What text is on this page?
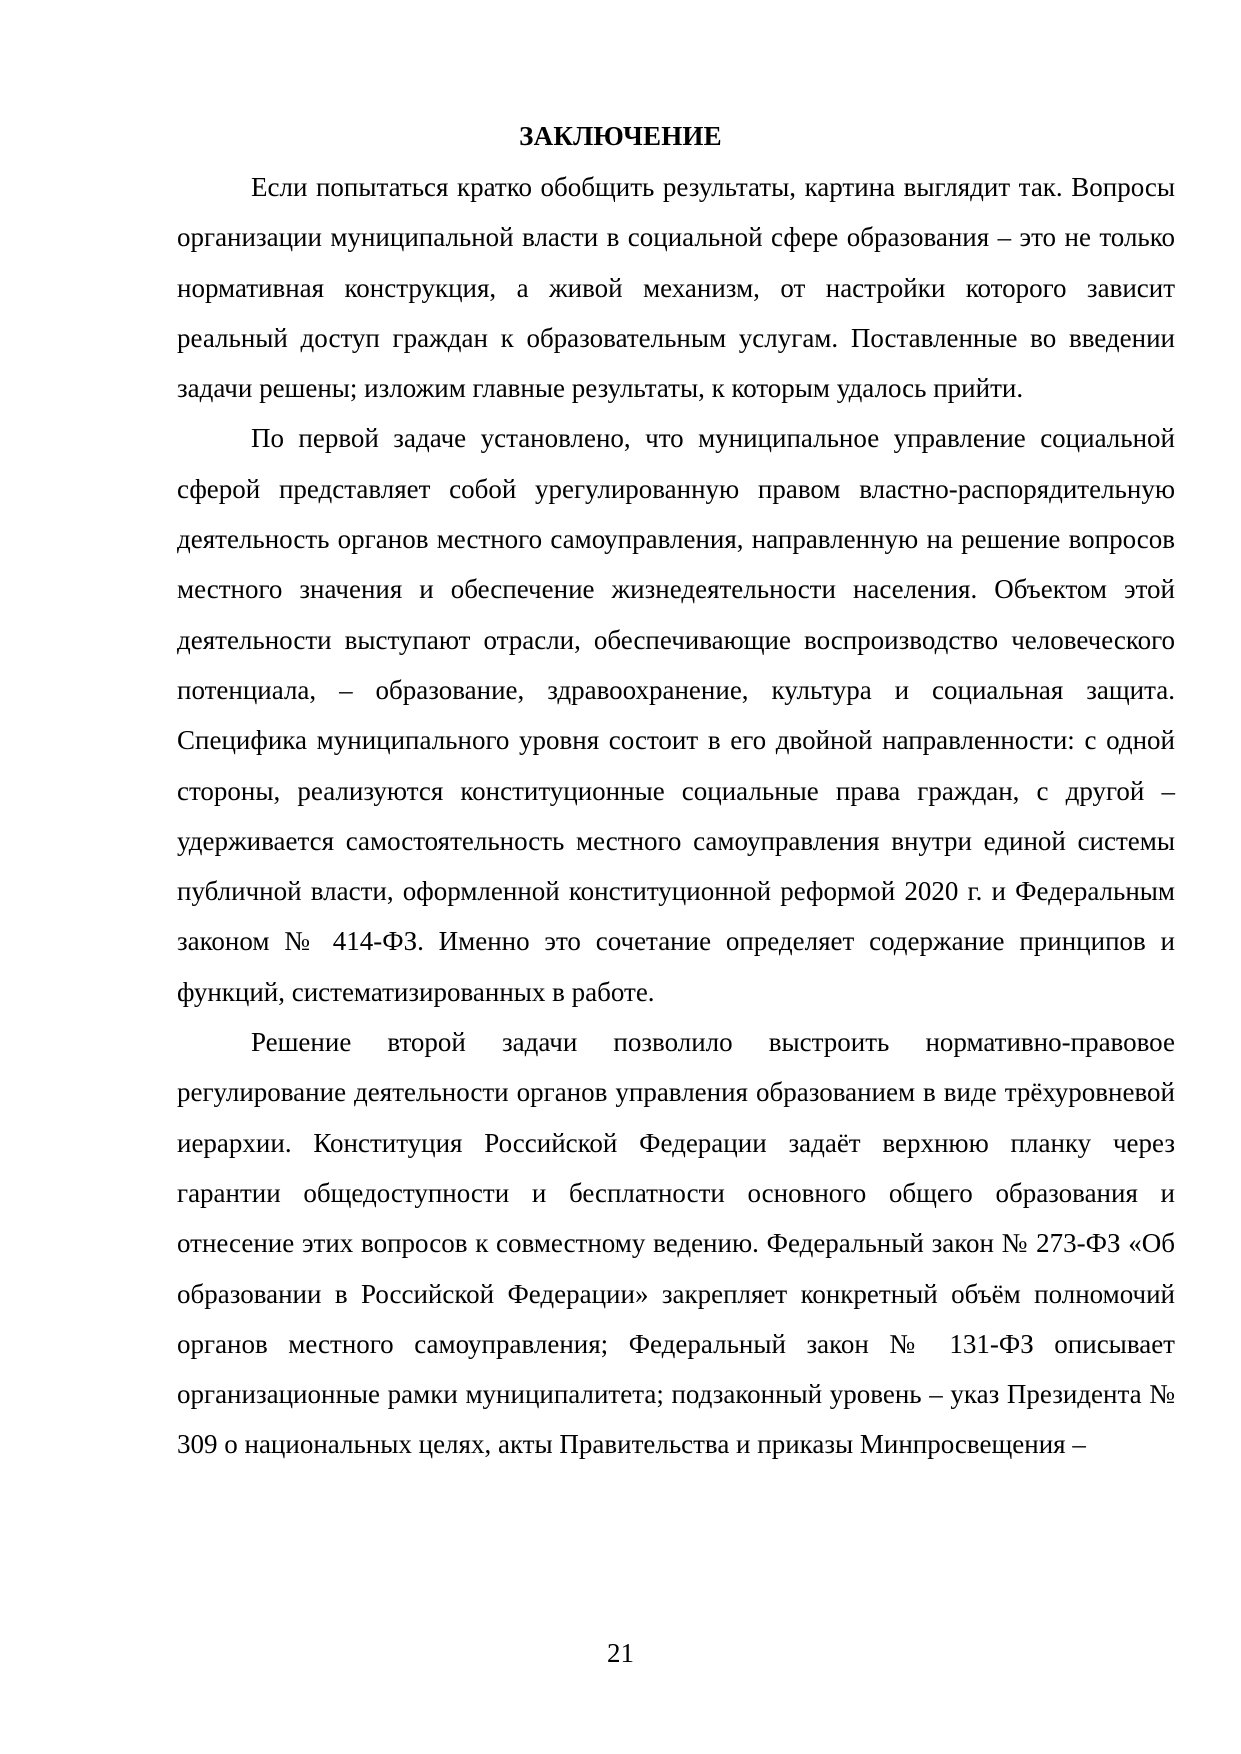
ЗАКЛЮЧЕНИЕ

Если попытаться кратко обобщить результаты, картина выглядит так. Вопросы организации муниципальной власти в социальной сфере образования – это не только нормативная конструкция, а живой механизм, от настройки которого зависит реальный доступ граждан к образовательным услугам. Поставленные во введении задачи решены; изложим главные результаты, к которым удалось прийти.

По первой задаче установлено, что муниципальное управление социальной сферой представляет собой урегулированную правом властно-распорядительную деятельность органов местного самоуправления, направленную на решение вопросов местного значения и обеспечение жизнедеятельности населения. Объектом этой деятельности выступают отрасли, обеспечивающие воспроизводство человеческого потенциала, – образование, здравоохранение, культура и социальная защита. Специфика муниципального уровня состоит в его двойной направленности: с одной стороны, реализуются конституционные социальные права граждан, с другой – удерживается самостоятельность местного самоуправления внутри единой системы публичной власти, оформленной конституционной реформой 2020 г. и Федеральным законом № 414-ФЗ. Именно это сочетание определяет содержание принципов и функций, систематизированных в работе.

Решение второй задачи позволило выстроить нормативно-правовое регулирование деятельности органов управления образованием в виде трёхуровневой иерархии. Конституция Российской Федерации задаёт верхнюю планку через гарантии общедоступности и бесплатности основного общего образования и отнесение этих вопросов к совместному ведению. Федеральный закон № 273-ФЗ «Об образовании в Российской Федерации» закрепляет конкретный объём полномочий органов местного самоуправления; Федеральный закон № 131-ФЗ описывает организационные рамки муниципалитета; подзаконный уровень – указ Президента № 309 о национальных целях, акты Правительства и приказы Минпросвещения –

21
